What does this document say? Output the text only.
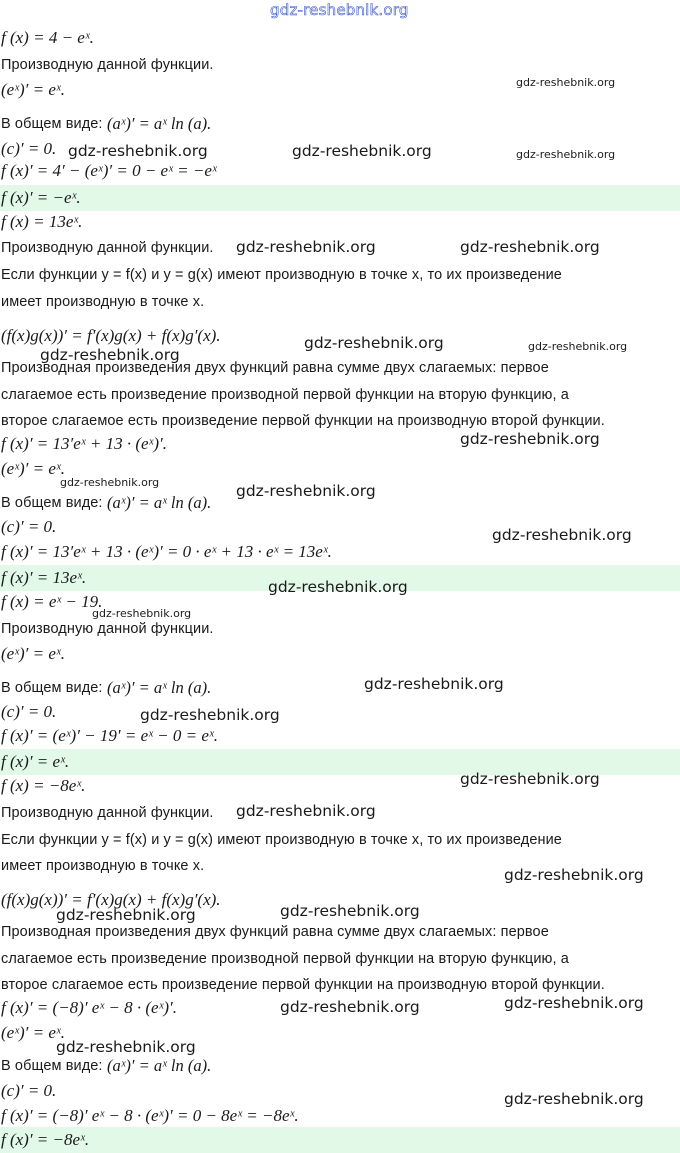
gdz-reshebnik.org
f (x) = 4 − eˣ.
Производную данной функции.
(eˣ)′ = eˣ.
В общем виде:
(aˣ)′ = aˣ ln (a).
(c)′ = 0.
f (x)′ = 4′ − (eˣ)′ = 0 − eˣ = −eˣ
f (x)′ = −eˣ.
f (x) = 13eˣ.
Производную данной функции.
Если функции y = f(x) и y = g(x) имеют производную в точке x, то их произведение
имеет производную в точке x.
(f(x)g(x))′ = f′(x)g(x) + f(x)g′(x).
Производная произведения двух функций равна сумме двух слагаемых: первое
слагаемое есть произведение производной первой функции на вторую функцию, а
второе слагаемое есть произведение первой функции на производную второй функции.
f (x)′ = 13′eˣ + 13 · (eˣ)′.
(eˣ)′ = eˣ.
В общем виде:
(aˣ)′ = aˣ ln (a).
(c)′ = 0.
f (x)′ = 13′eˣ + 13 · (eˣ)′ = 0 · eˣ + 13 · eˣ = 13eˣ.
f (x)′ = 13eˣ.
f (x) = eˣ − 19.
Производную данной функции.
(eˣ)′ = eˣ.
В общем виде:
(aˣ)′ = aˣ ln (a).
(c)′ = 0.
f (x)′ = (eˣ)′ − 19′ = eˣ − 0 = eˣ.
f (x)′ = eˣ.
f (x) = −8eˣ.
Производную данной функции.
Если функции y = f(x) и y = g(x) имеют производную в точке x, то их произведение
имеет производную в точке x.
(f(x)g(x))′ = f′(x)g(x) + f(x)g′(x).
Производная произведения двух функций равна сумме двух слагаемых: первое
слагаемое есть произведение производной первой функции на вторую функцию, а
второе слагаемое есть произведение первой функции на производную второй функции.
f (x)′ = (−8)′ eˣ − 8 · (eˣ)′.
(eˣ)′ = eˣ.
В общем виде:
(aˣ)′ = aˣ ln (a).
(c)′ = 0.
f (x)′ = (−8)′ eˣ − 8 · (eˣ)′ = 0 − 8eˣ = −8eˣ.
f (x)′ = −8eˣ.
gdz-reshebnik.org
gdz-reshebnik.org	gdz-reshebnik.org	gdz-reshebnik.org
gdz-reshebnik.org	gdz-reshebnik.org
gdz-reshebnik.org	gdz-reshebnik.org
gdz-reshebnik.org
gdz-reshebnik.org
gdz-reshebnik.org	gdz-reshebnik.org
gdz-reshebnik.org
gdz-reshebnik.org
gdz-reshebnik.org
gdz-reshebnik.org
gdz-reshebnik.org
gdz-reshebnik.org
gdz-reshebnik.org
gdz-reshebnik.org
gdz-reshebnik.org
gdz-reshebnik.org
gdz-reshebnik.org
gdz-reshebnik.org
gdz-reshebnik.org
gdz-reshebnik.org
